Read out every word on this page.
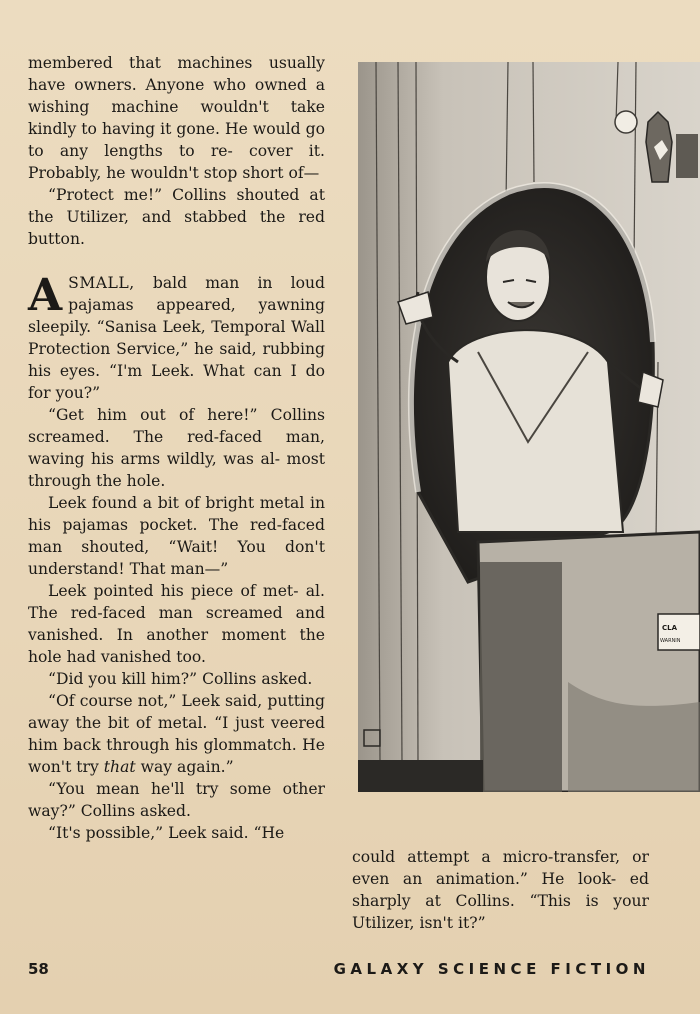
membered that machines usually have owners. Anyone who owned a wishing machine wouldn't take kindly to having it gone. He would go to any lengths to re- cover it. Probably, he wouldn't stop short of—

“Protect me!” Collins shouted at the Utilizer, and stabbed the red button.

ASMALL, bald man in loud pajamas appeared, yawning sleepily. “Sanisa Leek, Temporal Wall Protection Service,” he said, rubbing his eyes. “I'm Leek. What can I do for you?”

“Get him out of here!” Collins screamed. The red-faced man, waving his arms wildly, was al- most through the hole.

Leek found a bit of bright metal in his pajamas pocket. The red-faced man shouted, “Wait! You don't understand! That man—”

Leek pointed his piece of met- al. The red-faced man screamed and vanished. In another moment the hole had vanished too.

“Did you kill him?” Collins asked.

“Of course not,” Leek said, putting away the bit of metal. “I just veered him back through his glommatch. He won't try that way again.”

“You mean he'll try some other way?” Collins asked.

“It's possible,” Leek said. “He

CLA
WARNIN

could attempt a micro-transfer, or even an animation.” He look- ed sharply at Collins. “This is your Utilizer, isn't it?”

58	GALAXY SCIENCE FICTION
